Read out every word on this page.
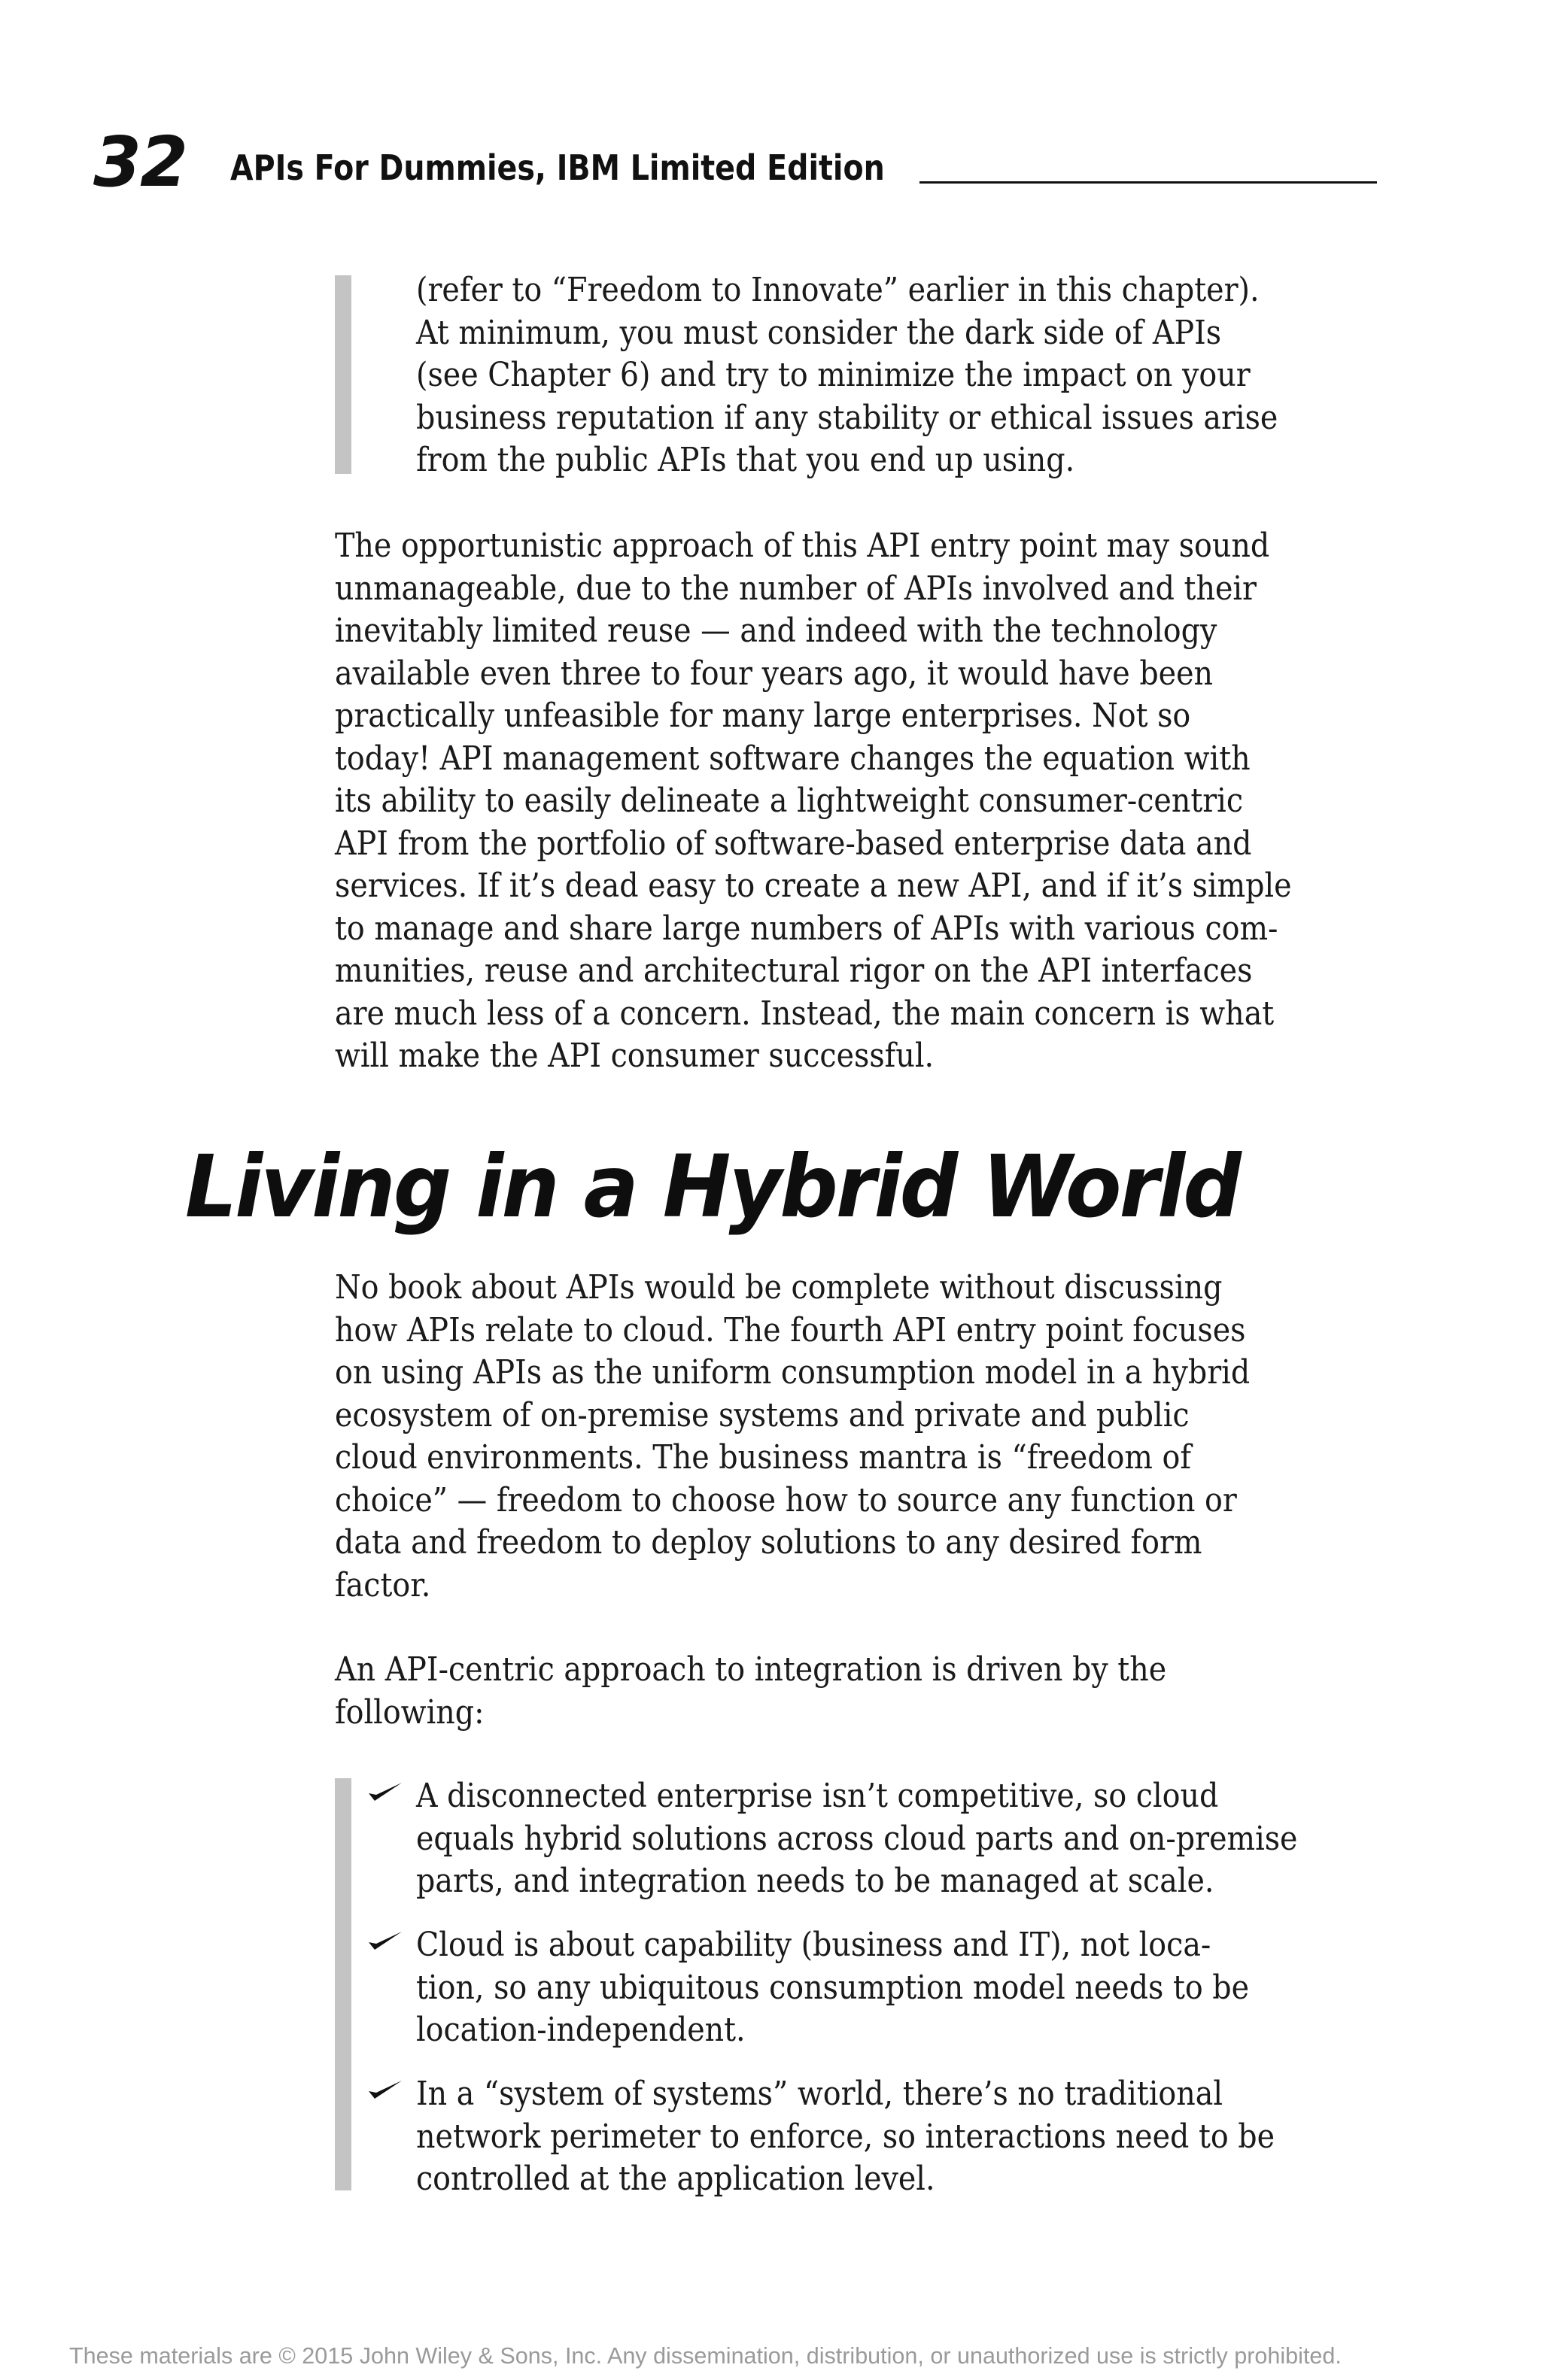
32 APIs For Dummies, IBM Limited Edition
(refer to “Freedom to Innovate” earlier in this chapter).
At minimum, you must consider the dark side of APIs
(see Chapter 6) and try to minimize the impact on your
business reputation if any stability or ethical issues arise
from the public APIs that you end up using.
The opportunistic approach of this API entry point may sound
unmanageable, due to the number of APIs involved and their
inevitably limited reuse — and indeed with the technology
available even three to four years ago, it would have been
practically unfeasible for many large enterprises. Not so
today! API management software changes the equation with
its ability to easily delineate a lightweight consumer-centric
API from the portfolio of software-based enterprise data and
services. If it’s dead easy to create a new API, and if it’s simple
to manage and share large numbers of APIs with various com-
munities, reuse and architectural rigor on the API interfaces
are much less of a concern. Instead, the main concern is what
will make the API consumer successful.
Living in a Hybrid World
No book about APIs would be complete without discussing
how APIs relate to cloud. The fourth API entry point focuses
on using APIs as the uniform consumption model in a hybrid
ecosystem of on-premise systems and private and public
cloud environments. The business mantra is “freedom of
choice” — freedom to choose how to source any function or
data and freedom to deploy solutions to any desired form
factor.
An API-centric approach to integration is driven by the
following:
A disconnected enterprise isn’t competitive, so cloud
equals hybrid solutions across cloud parts and on-premise
parts, and integration needs to be managed at scale.
Cloud is about capability (business and IT), not loca-
tion, so any ubiquitous consumption model needs to be
location-independent.
In a “system of systems” world, there’s no traditional
network perimeter to enforce, so interactions need to be
controlled at the application level.
These materials are © 2015 John Wiley & Sons, Inc. Any dissemination, distribution, or unauthorized use is strictly prohibited.
